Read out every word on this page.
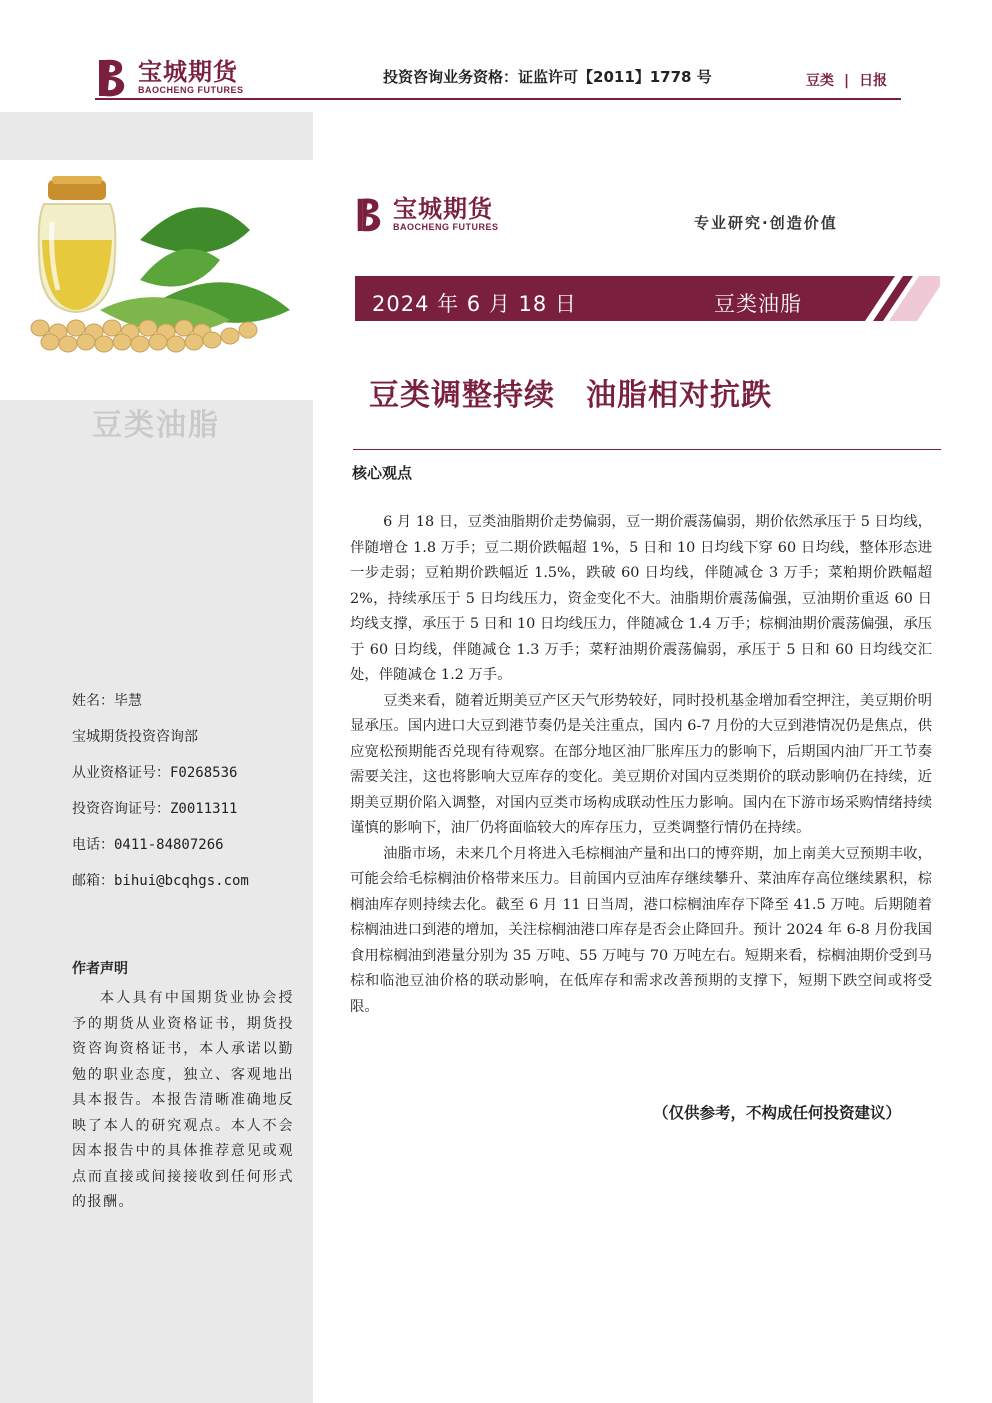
宝城期货
BAOCHENG FUTURES
投资咨询业务资格：证监许可【2011】1778 号	豆类 | 日报
豆类油脂
姓名：毕慧
宝城期货投资咨询部
从业资格证号：F0268536
投资咨询证号：Z0011311
电话：0411-84807266
邮箱：bihui@bcqhgs.com
作者声明
本人具有中国期货业协会授予的期货从业资格证书，期货投资咨询资格证书，本人承诺以勤勉的职业态度，独立、客观地出具本报告。本报告清晰准确地反映了本人的研究观点。本人不会因本报告中的具体推荐意见或观点而直接或间接接收到任何形式的报酬。
宝城期货
BAOCHENG FUTURES	专业研究·创造价值
2024 年 6 月 18 日	豆类油脂
豆类调整持续　油脂相对抗跌
核心观点

6 月 18 日，豆类油脂期价走势偏弱，豆一期价震荡偏弱，期价依然承压于 5 日均线，伴随增仓 1.8 万手；豆二期价跌幅超 1%，5 日和 10 日均线下穿 60 日均线，整体形态进一步走弱；豆粕期价跌幅近 1.5%，跌破 60 日均线，伴随减仓 3 万手；菜粕期价跌幅超 2%，持续承压于 5 日均线压力，资金变化不大。油脂期价震荡偏强，豆油期价重返 60 日均线支撑，承压于 5 日和 10 日均线压力，伴随减仓 1.4 万手；棕榈油期价震荡偏强，承压于 60 日均线，伴随减仓 1.3 万手；菜籽油期价震荡偏弱，承压于 5 日和 60 日均线交汇处，伴随减仓 1.2 万手。

豆类来看，随着近期美豆产区天气形势较好，同时投机基金增加看空押注，美豆期价明显承压。国内进口大豆到港节奏仍是关注重点，国内 6-7 月份的大豆到港情况仍是焦点，供应宽松预期能否兑现有待观察。在部分地区油厂胀库压力的影响下，后期国内油厂开工节奏需要关注，这也将影响大豆库存的变化。美豆期价对国内豆类期价的联动影响仍在持续，近期美豆期价陷入调整，对国内豆类市场构成联动性压力影响。国内在下游市场采购情绪持续谨慎的影响下，油厂仍将面临较大的库存压力，豆类调整行情仍在持续。

油脂市场，未来几个月将进入毛棕榈油产量和出口的博弈期，加上南美大豆预期丰收，可能会给毛棕榈油价格带来压力。目前国内豆油库存继续攀升、菜油库存高位继续累积，棕榈油库存则持续去化。截至 6 月 11 日当周，港口棕榈油库存下降至 41.5 万吨。后期随着棕榈油进口到港的增加，关注棕榈油港口库存是否会止降回升。预计 2024 年 6-8 月份我国食用棕榈油到港量分别为 35 万吨、55 万吨与 70 万吨左右。短期来看，棕榈油期价受到马棕和临池豆油价格的联动影响，在低库存和需求改善预期的支撑下，短期下跌空间或将受限。

（仅供参考，不构成任何投资建议）
